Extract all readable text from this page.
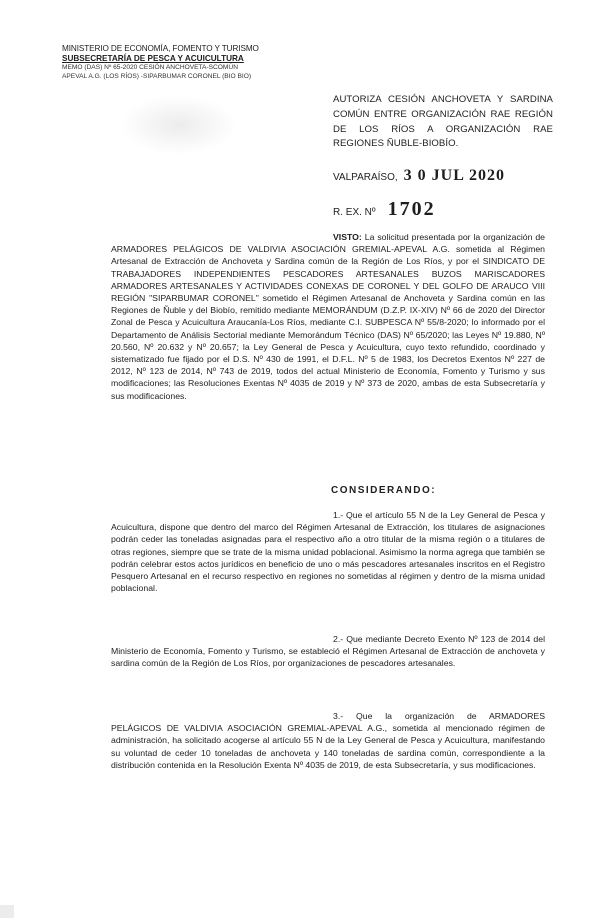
MINISTERIO DE ECONOMÍA, FOMENTO Y TURISMO
SUBSECRETARÍA DE PESCA Y ACUICULTURA
MEMO (DAS) Nº 65-2020 CESIÓN ANCHOVETA-SCOMÚN
APEVAL A.G. (LOS RÍOS) -SIPARBUMAR CORONEL (BIO BIO)
AUTORIZA CESIÓN ANCHOVETA Y SARDINA COMÚN ENTRE ORGANIZACIÓN RAE REGIÓN DE LOS RÍOS A ORGANIZACIÓN RAE REGIONES ÑUBLE-BIOBÍO.
VALPARAÍSO, 3 0 JUL 2020
R. EX. Nº 1702
VISTO: La solicitud presentada por la organización de ARMADORES PELÁGICOS DE VALDIVIA ASOCIACIÓN GREMIAL-APEVAL A.G. sometida al Régimen Artesanal de Extracción de Anchoveta y Sardina común de la Región de Los Ríos, y por el SINDICATO DE TRABAJADORES INDEPENDIENTES PESCADORES ARTESANALES BUZOS MARISCADORES ARMADORES ARTESANALES Y ACTIVIDADES CONEXAS DE CORONEL Y DEL GOLFO DE ARAUCO VIII REGIÓN "SIPARBUMAR CORONEL" sometido el Régimen Artesanal de Anchoveta y Sardina común en las Regiones de Ñuble y del Biobío, remitido mediante MEMORÁNDUM (D.Z.P. IX-XIV) Nº 66 de 2020 del Director Zonal de Pesca y Acuicultura Araucanía-Los Ríos, mediante C.I. SUBPESCA Nº 55/8-2020; lo informado por el Departamento de Análisis Sectorial mediante Memorándum Técnico (DAS) Nº 65/2020; las Leyes Nº 19.880, Nº 20.560, Nº 20.632 y Nº 20.657; la Ley General de Pesca y Acuicultura, cuyo texto refundido, coordinado y sistematizado fue fijado por el D.S. Nº 430 de 1991, el D.F.L. Nº 5 de 1983, los Decretos Exentos Nº 227 de 2012, Nº 123 de 2014, Nº 743 de 2019, todos del actual Ministerio de Economía, Fomento y Turismo y sus modificaciones; las Resoluciones Exentas Nº 4035 de 2019 y Nº 373 de 2020, ambas de esta Subsecretaría y sus modificaciones.
CONSIDERANDO:
1.- Que el artículo 55 N de la Ley General de Pesca y Acuicultura, dispone que dentro del marco del Régimen Artesanal de Extracción, los titulares de asignaciones podrán ceder las toneladas asignadas para el respectivo año a otro titular de la misma región o a titulares de otras regiones, siempre que se trate de la misma unidad poblacional. Asimismo la norma agrega que también se podrán celebrar estos actos jurídicos en beneficio de uno o más pescadores artesanales inscritos en el Registro Pesquero Artesanal en el recurso respectivo en regiones no sometidas al régimen y dentro de la misma unidad poblacional.
2.- Que mediante Decreto Exento Nº 123 de 2014 del Ministerio de Economía, Fomento y Turismo, se estableció el Régimen Artesanal de Extracción de anchoveta y sardina común de la Región de Los Ríos, por organizaciones de pescadores artesanales.
3.- Que la organización de ARMADORES PELÁGICOS DE VALDIVIA ASOCIACIÓN GREMIAL-APEVAL A.G., sometida al mencionado régimen de administración, ha solicitado acogerse al artículo 55 N de la Ley General de Pesca y Acuicultura, manifestando su voluntad de ceder 10 toneladas de anchoveta y 140 toneladas de sardina común, correspondiente a la distribución contenida en la Resolución Exenta Nº 4035 de 2019, de esta Subsecretaría, y sus modificaciones.
